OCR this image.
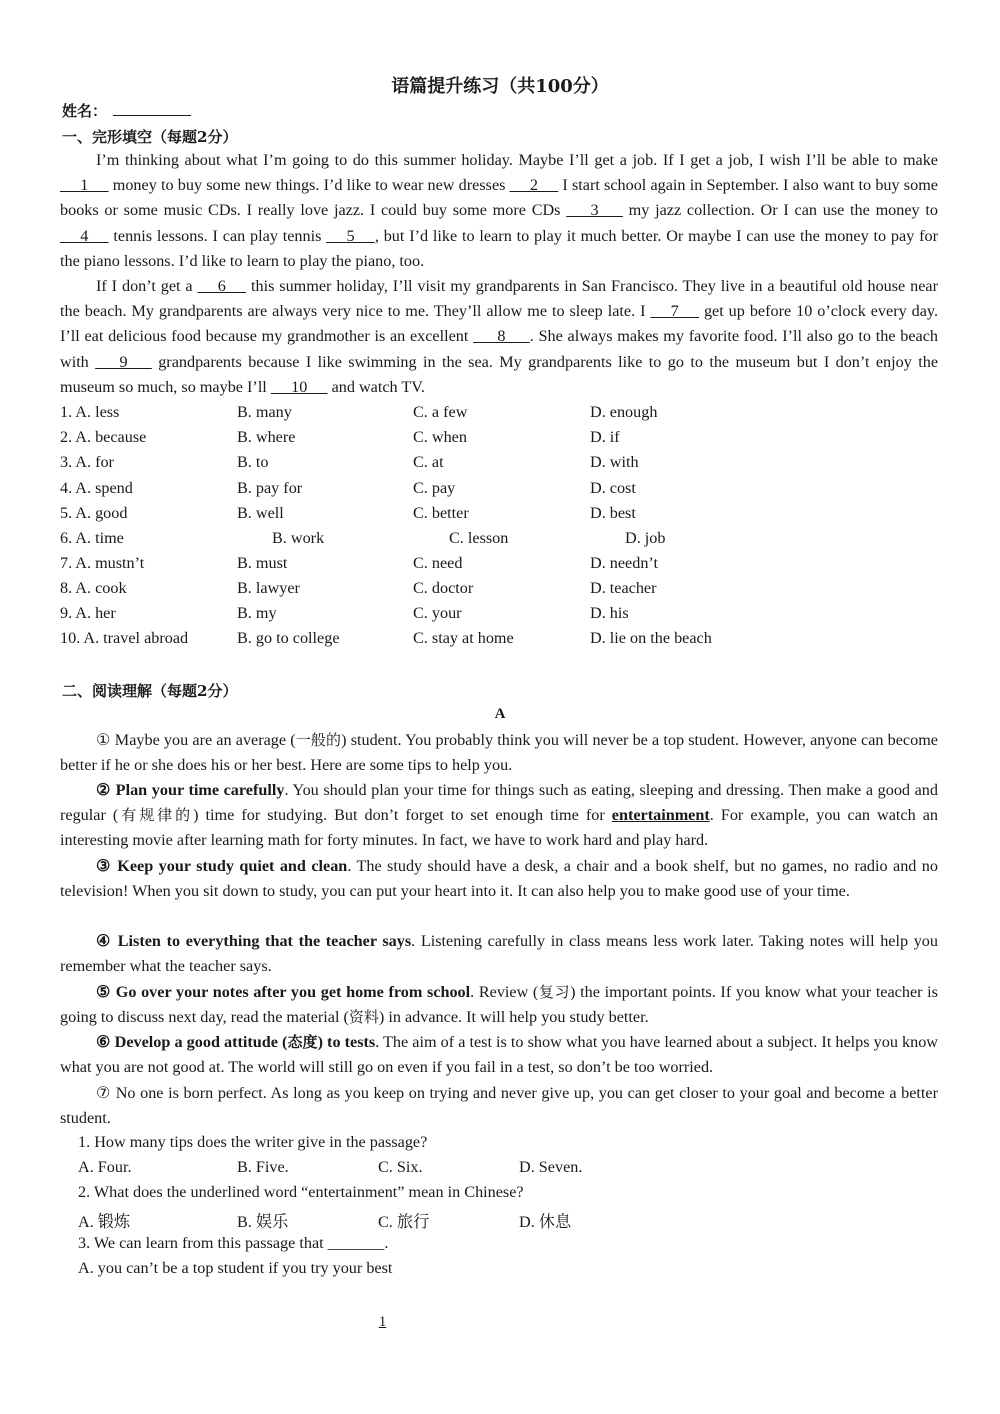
语篇提升练习（共100分）
姓名：
一、完形填空（每题2分）

I’m thinking about what I’m going to do this summer holiday. Maybe I’ll get a job. If I get a job, I wish I’ll be able to make      1      money to buy some new things. I’d like to wear new dresses      2      I start school again in September. I also want to buy some books or some music CDs. I really love jazz. I could buy some more CDs       3       my jazz collection. Or I can use the money to      4      tennis lessons. I can play tennis      5     , but I’d like to learn to play it much better. Or maybe I can use the money to pay for the piano lessons. I’d like to learn to play the piano, too.

If I don’t get a      6      this summer holiday, I’ll visit my grandparents in San Francisco. They live in a beautiful old house near the beach. My grandparents are always very nice to me. They’ll allow me to sleep late. I      7      get up before 10 o’clock every day. I’ll eat delicious food because my grandmother is an excellent       8      . She always makes my favorite food. I’ll also go to the beach with       9       grandparents because I like swimming in the sea. My grandparents like to go to the museum but I don’t enjoy the museum so much, so maybe I’ll      10      and watch TV.

1. A. less	B. many	C. a few	D. enough
2. A. because	B. where	C. when	D. if
3. A. for	B. to	C. at	D. with
4. A. spend	B. pay for	C. pay	D. cost
5. A. good	B. well	C. better	D. best
6. A. time	B. work	C. lesson	D. job
7. A. mustn’t	B. must	C. need	D. needn’t
8. A. cook	B. lawyer	C. doctor	D. teacher
9. A. her	B. my	C. your	D. his
10. A. travel abroad	B. go to college	C. stay at home	D. lie on the beach
二、阅读理解（每题2分）
A

① Maybe you are an average (一般的) student. You probably think you will never be a top student. However, anyone can become better if he or she does his or her best. Here are some tips to help you.

② Plan your time carefully. You should plan your time for things such as eating, sleeping and dressing. Then make a good and regular (有规律的) time for studying. But don’t forget to set enough time for entertainment. For example, you can watch an interesting movie after learning math for forty minutes. In fact, we have to work hard and play hard.

③ Keep your study quiet and clean. The study should have a desk, a chair and a book shelf, but no games, no radio and no television! When you sit down to study, you can put your heart into it. It can also help you to make good use of your time.

④ Listen to everything that the teacher says. Listening carefully in class means less work later. Taking notes will help you remember what the teacher says.

⑤ Go over your notes after you get home from school. Review (复习) the important points. If you know what your teacher is going to discuss next day, read the material (资料) in advance. It will help you study better.

⑥ Develop a good attitude (态度) to tests. The aim of a test is to show what you have learned about a subject. It helps you know what you are not good at. The world will still go on even if you fail in a test, so don’t be too worried.

⑦ No one is born perfect. As long as you keep on trying and never give up, you can get closer to your goal and become a better student.

1. How many tips does the writer give in the passage?
A. Four.	B. Five.	C. Six.	D. Seven.
2. What does the underlined word “entertainment” mean in Chinese?
A. 锻炼	B. 娱乐	C. 旅行	D. 休息
3. We can learn from this passage that _______.
A. you can’t be a top student if you try your best
1
